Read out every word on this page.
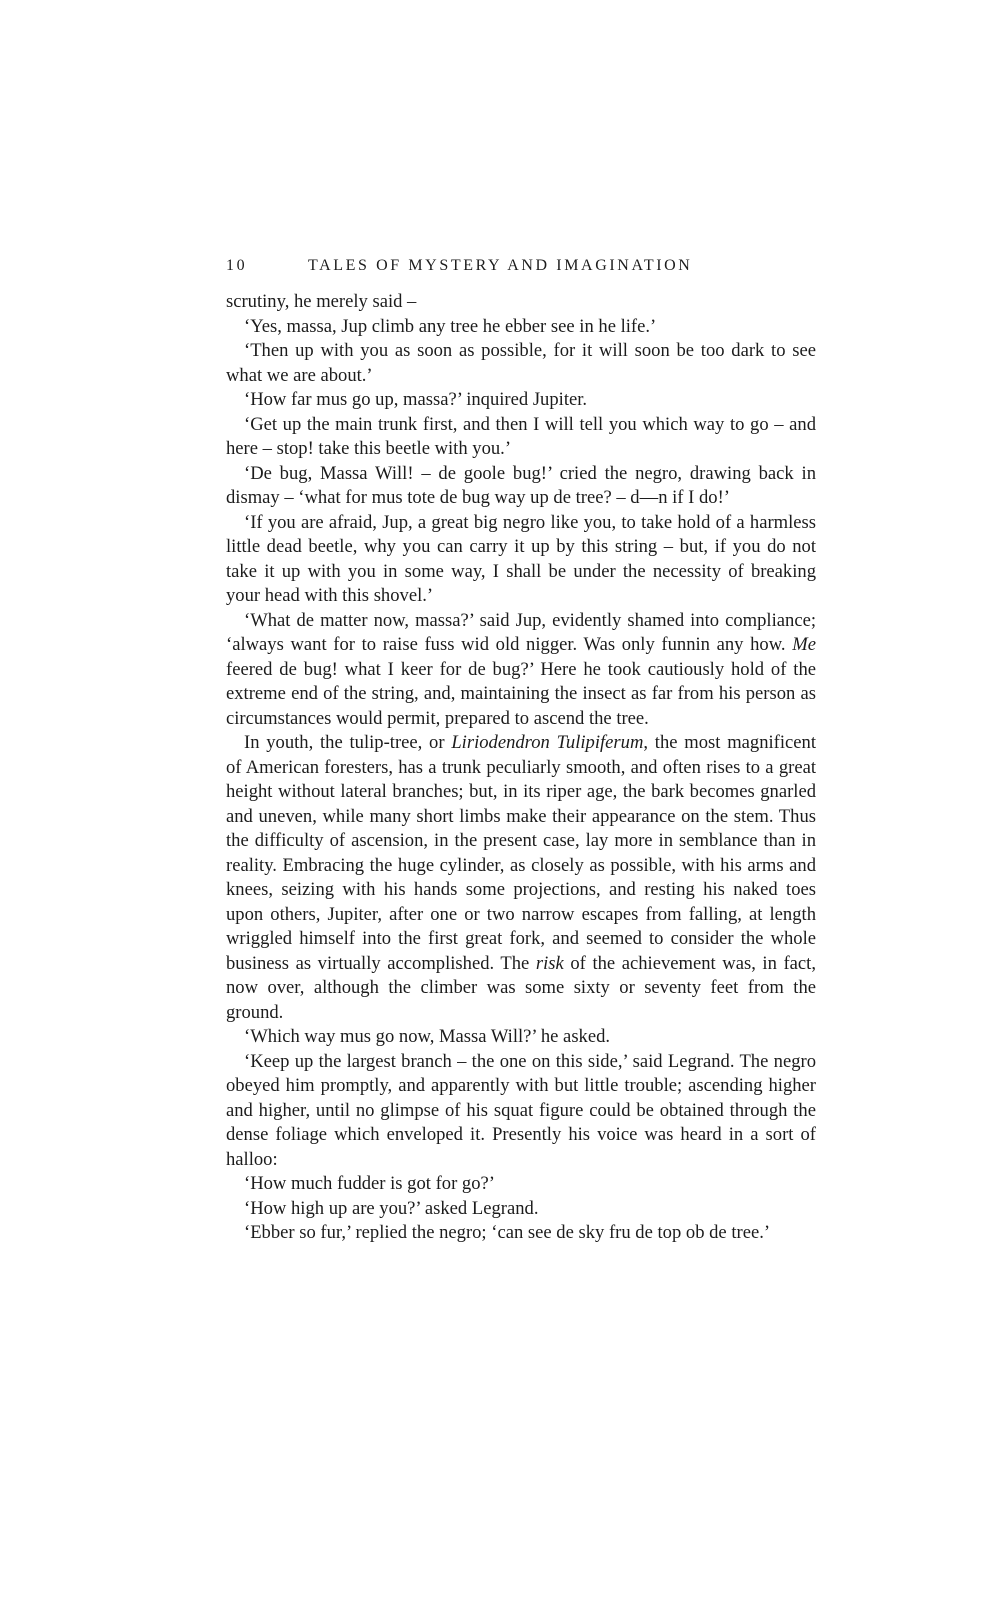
10	TALES OF MYSTERY AND IMAGINATION

scrutiny, he merely said –

‘Yes, massa, Jup climb any tree he ebber see in he life.’

‘Then up with you as soon as possible, for it will soon be too dark to see what we are about.’

‘How far mus go up, massa?’ inquired Jupiter.

‘Get up the main trunk first, and then I will tell you which way to go – and here – stop! take this beetle with you.’

‘De bug, Massa Will! – de goole bug!’ cried the negro, drawing back in dismay – ‘what for mus tote de bug way up de tree? – d—n if I do!’

‘If you are afraid, Jup, a great big negro like you, to take hold of a harmless little dead beetle, why you can carry it up by this string – but, if you do not take it up with you in some way, I shall be under the necessity of breaking your head with this shovel.’

‘What de matter now, massa?’ said Jup, evidently shamed into compliance; ‘always want for to raise fuss wid old nigger. Was only funnin any how. Me feered de bug! what I keer for de bug?’ Here he took cautiously hold of the extreme end of the string, and, maintaining the insect as far from his person as circumstances would permit, prepared to ascend the tree.

In youth, the tulip-tree, or Liriodendron Tulipiferum, the most magnificent of American foresters, has a trunk peculiarly smooth, and often rises to a great height without lateral branches; but, in its riper age, the bark becomes gnarled and uneven, while many short limbs make their appearance on the stem. Thus the difficulty of ascension, in the present case, lay more in semblance than in reality. Embracing the huge cylinder, as closely as possible, with his arms and knees, seizing with his hands some projections, and resting his naked toes upon others, Jupiter, after one or two narrow escapes from falling, at length wriggled himself into the first great fork, and seemed to consider the whole business as virtually accomplished. The risk of the achievement was, in fact, now over, although the climber was some sixty or seventy feet from the ground.

‘Which way mus go now, Massa Will?’ he asked.

‘Keep up the largest branch – the one on this side,’ said Legrand. The negro obeyed him promptly, and apparently with but little trouble; ascending higher and higher, until no glimpse of his squat figure could be obtained through the dense foliage which enveloped it. Presently his voice was heard in a sort of halloo:

‘How much fudder is got for go?’

‘How high up are you?’ asked Legrand.

‘Ebber so fur,’ replied the negro; ‘can see de sky fru de top ob de tree.’
